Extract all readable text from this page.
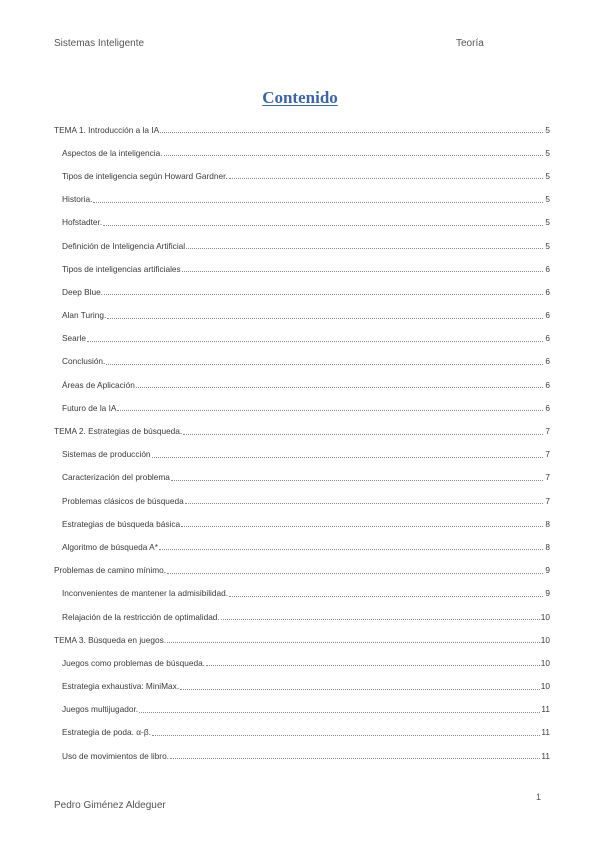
Sistemas Inteligente	Teoría
Contenido
TEMA 1. Introducción a la IA	5
Aspectos de la inteligencia.	5
Tipos de inteligencia según Howard Gardner.	5
Historia.	5
Hofstadter.	5
Definición de Inteligencia Artificial	5
Tipos de inteligencias artificiales	6
Deep Blue.	6
Alan Turing.	6
Searle	6
Conclusión.	6
Áreas de Aplicación	6
Futuro de la IA	6
TEMA 2. Estrategias de búsqueda.	7
Sistemas de producción	7
Caracterización del problema	7
Problemas clásicos de búsqueda	7
Estrategias de búsqueda básica	8
Algoritmo de búsqueda A*	8
Problemas de camino mínimo.	9
Inconvenientes de mantener la admisibilidad.	9
Relajación de la restricción de optimalidad.	10
TEMA 3. Búsqueda en juegos.	10
Juegos como problemas de búsqueda.	10
Estrategia exhaustiva: MiniMax.	10
Juegos multijugador.	11
Estrategia de poda. α-β.	11
Uso de movimientos de libro.	11
1
Pedro Giménez Aldeguer
